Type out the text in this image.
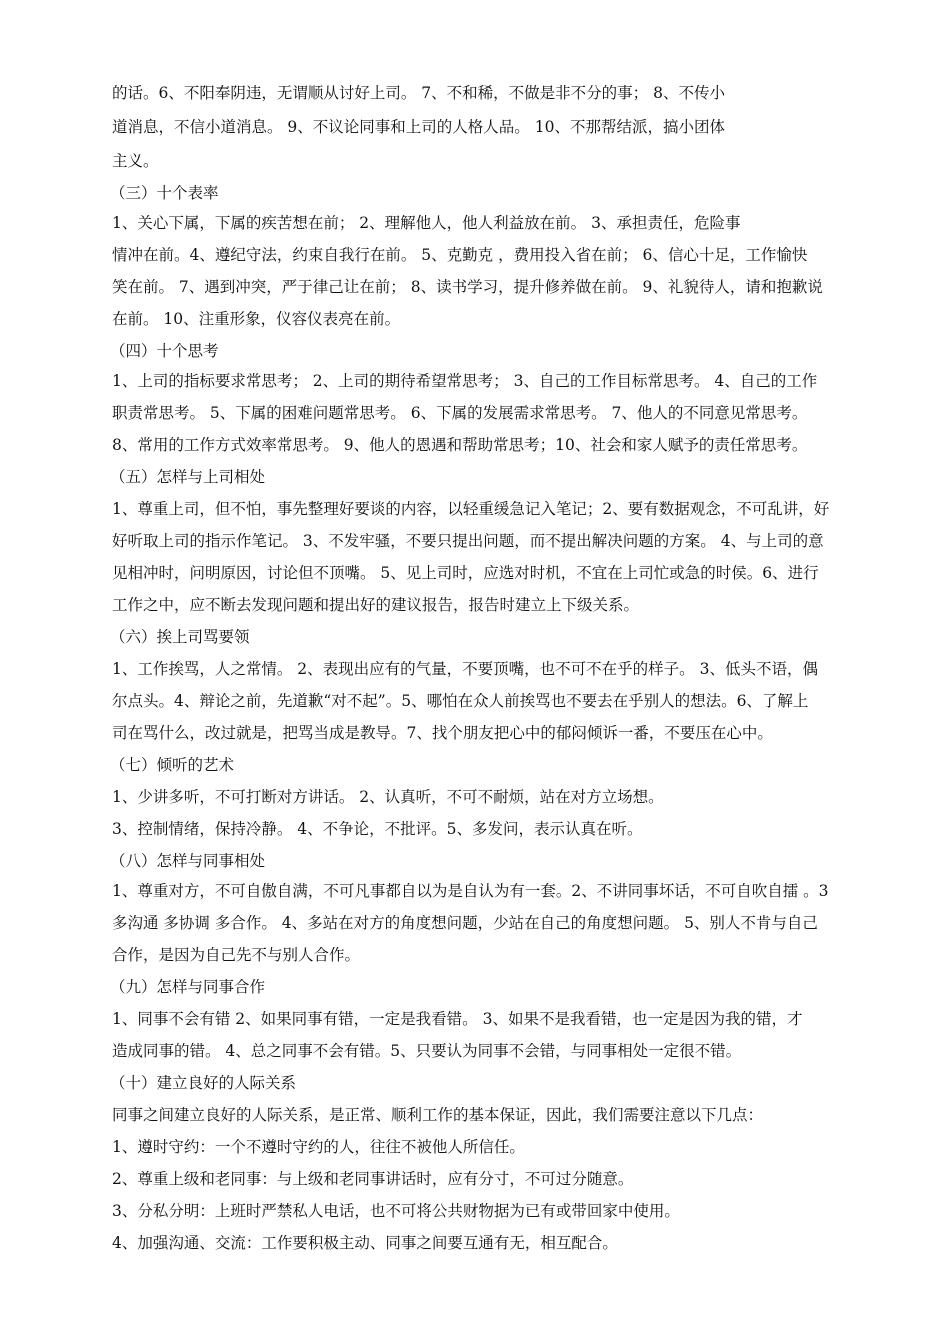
的话。6、不阳奉阴违，无谓顺从讨好上司。 7、不和稀，不做是非不分的事； 8、不传小
道消息，不信小道消息。 9、不议论同事和上司的人格人品。 10、不那帮结派，搞小团体
主义。
（三）十个表率
1、关心下属，下属的疾苦想在前； 2、理解他人，他人利益放在前。 3、承担责任，危险事
情冲在前。4、遵纪守法，约束自我行在前。 5、克勤克 ，费用投入省在前； 6、信心十足，工作愉快
笑在前。 7、遇到冲突，严于律己让在前； 8、读书学习，提升修养做在前。 9、礼貌待人，请和抱歉说
在前。 10、注重形象，仪容仪表亮在前。
（四）十个思考
1、上司的指标要求常思考； 2、上司的期待希望常思考； 3、自己的工作目标常思考。 4、自己的工作
职责常思考。 5、下属的困难问题常思考。 6、下属的发展需求常思考。 7、他人的不同意见常思考。
8、常用的工作方式效率常思考。 9、他人的恩遇和帮助常思考；10、社会和家人赋予的责任常思考。
（五）怎样与上司相处
1、尊重上司，但不怕，事先整理好要谈的内容，以轻重缓急记入笔记；2、要有数据观念，不可乱讲，好
好听取上司的指示作笔记。 3、不发牢骚，不要只提出问题，而不提出解决问题的方案。 4、与上司的意
见相冲时，问明原因，讨论但不顶嘴。 5、见上司时，应选对时机，不宜在上司忙或急的时侯。6、进行
工作之中，应不断去发现问题和提出好的建议报告，报告时建立上下级关系。
（六）挨上司骂要领
1、工作挨骂，人之常情。 2、表现出应有的气量，不要顶嘴，也不可不在乎的样子。 3、低头不语，偶
尔点头。4、辩论之前，先道歉“对不起”。5、哪怕在众人前挨骂也不要去在乎别人的想法。6、了解上
司在骂什么，改过就是，把骂当成是教导。7、找个朋友把心中的郁闷倾诉一番，不要压在心中。
（七）倾听的艺术
1、少讲多听，不可打断对方讲话。 2、认真听，不可不耐烦，站在对方立场想。
3、控制情绪，保持冷静。 4、不争论，不批评。5、多发问，表示认真在听。
（八）怎样与同事相处
1、尊重对方，不可自傲自满，不可凡事都自以为是自认为有一套。2、不讲同事坏话，不可自吹自擂 。3
多沟通 多协调 多合作。 4、多站在对方的角度想问题，少站在自己的角度想问题。 5、别人不肯与自己
合作，是因为自己先不与别人合作。
（九）怎样与同事合作
1、同事不会有错 2、如果同事有错，一定是我看错。 3、如果不是我看错，也一定是因为我的错，才
造成同事的错。 4、总之同事不会有错。5、只要认为同事不会错，与同事相处一定很不错。
（十）建立良好的人际关系
同事之间建立良好的人际关系，是正常、顺利工作的基本保证，因此，我们需要注意以下几点：
1、遵时守约：一个不遵时守约的人，往往不被他人所信任。
2、尊重上级和老同事：与上级和老同事讲话时，应有分寸，不可过分随意。
3、分私分明：上班时严禁私人电话，也不可将公共财物据为已有或带回家中使用。
4、加强沟通、交流：工作要积极主动、同事之间要互通有无，相互配合。
